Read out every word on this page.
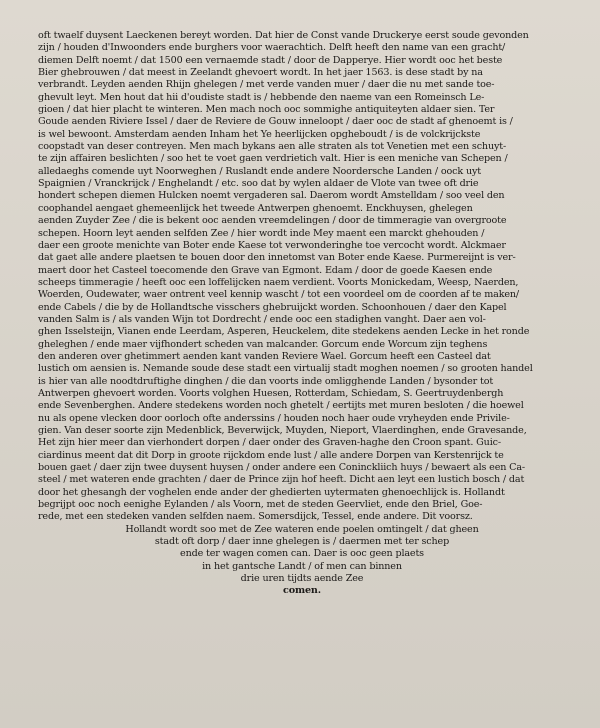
oft twaelf duysent Laeckenen bereyt worden. Dat hier de Const vande Druckerye eerst soude gevonden
zijn / houden d'Inwoonders ende burghers voor waerachtich. Delft heeft den name van een gracht/
diemen Delft noemt / dat 1500 een vernaemde stadt / door de Dapperye. Hier wordt ooc het beste
Bier ghebrouwen / dat meest in Zeelandt ghevoert wordt. In het jaer 1563. is dese stadt by na
verbrandt. Leyden aenden Rhijn ghelegen / met verde vanden muer / daer die nu met sande toe-
ghevult leyt. Men hout dat hii d'oudiste stadt is / hebbende den naeme van een Romeinsch Le-
gioen / dat hier placht te winteren. Men mach noch ooc sommighe antiquiteyten aldaer sien. Ter
Goude aenden Riviere Issel / daer de Reviere de Gouw inneloopt / daer ooc de stadt af ghenoemt is /
is wel bewoont. Amsterdam aenden Inham het Ye heerlijcken opgheboudt / is de volckrijckste
coopstadt van deser contreyen. Men mach bykans aen alle straten als tot Venetien met een schuyt-
te zijn affairen beslichten / soo het te voet gaen verdrietich valt. Hier is een meniche van Schepen /
alledaeghs comende uyt Noorweghen / Ruslandt ende andere Noordersche Landen / oock uyt
Spaignien / Vranckrijck / Enghelandt / etc. soo dat by wylen aldaer de Vlote van twee oft drie
hondert schepen diemen Hulcken noemt vergaderen sal. Daerom wordt Amstelldam / soo veel den
coophandel aengaet ghemeenlijck het tweede Antwerpen ghenoemt. Enckhuysen, ghelegen
aenden Zuyder Zee / die is bekent ooc aenden vreemdelingen / door de timmeragie van overgroote
schepen. Hoorn leyt aenden selfden Zee / hier wordt inde Mey maent een marckt ghehouden /
daer een groote menichte van Boter ende Kaese tot verwonderinghe toe vercocht wordt. Alckmaer
dat gaet alle andere plaetsen te bouen door den innetomst van Boter ende Kaese. Purmereijnt is ver-
maert door het Casteel toecomende den Grave van Egmont. Edam / door de goede Kaesen ende
scheeps timmeragie / heeft ooc een loffelijcken naem verdient. Voorts Monickedam, Weesp, Naerden,
Woerden, Oudewater, waer ontrent veel kennip wascht / tot een voordeel om de coorden af te maken/
ende Cabels / die by de Hollandtsche visschers ghebruijckt worden. Schoonhouen / daer den Kapel
vanden Salm is / als vanden Wijn tot Dordrecht / ende ooc een stadighen vanght. Daer aen vol-
ghen Isselsteijn, Vianen ende Leerdam, Asperen, Heuckelem, dite stedekens aenden Lecke in het ronde
gheleghen / ende maer vijfhondert scheden van malcander. Gorcum ende Worcum zijn teghens
den anderen over ghetimmert aenden kant vanden Reviere Wael. Gorcum heeft een Casteel dat
lustich om aensien is. Nemande soude dese stadt een virtualij stadt moghen noemen / so grooten handel
is hier van alle noodtdruftighe dinghen / die dan voorts inde omligghende Landen / bysonder tot
Antwerpen ghevoert worden. Voorts volghen Huesen, Rotterdam, Schiedam, S. Geertruydenbergh
ende Sevenberghen. Andere stedekens worden noch ghetelt / eertijts met muren besloten / die hoewel
nu als opene vlecken door oorloch ofte anderssins / houden noch haer oude vryheyden ende Privile-
gien. Van deser soorte zijn Medenblick, Beverwijck, Muyden, Nieport, Vlaerdinghen, ende Gravesande,
Het zijn hier meer dan vierhondert dorpen / daer onder des Graven-haghe den Croon spant. Guic-
ciardinus meent dat dit Dorp in groote rijckdom ende lust / alle andere Dorpen van Kerstenrijck te
bouen gaet / daer zijn twee duysent huysen / onder andere een Coninckliich huys / bewaert als een Ca-
steel / met wateren ende grachten / daer de Prince zijn hof heeft. Dicht aen leyt een lustich bosch / dat
door het ghesangh der voghelen ende ander der ghedierten uytermaten ghenoechlijck is. Hollandt
begrijpt ooc noch eenighe Eylanden / als Voorn, met de steden Geervliet, ende den Briel, Goe-
rede, met een stedeken vanden selfden naem. Somersdijck, Tessel, ende andere. Dit voorsz.
Hollandt wordt soo met de Zee wateren ende poelen omtingelt / dat gheen
stadt oft dorp / daer inne ghelegen is / daermen met ter schep
ende ter wagen comen can. Daer is ooc geen plaets
in het gantsche Landt / of men can binnen
drie uren tijdts aende Zee
comen.
